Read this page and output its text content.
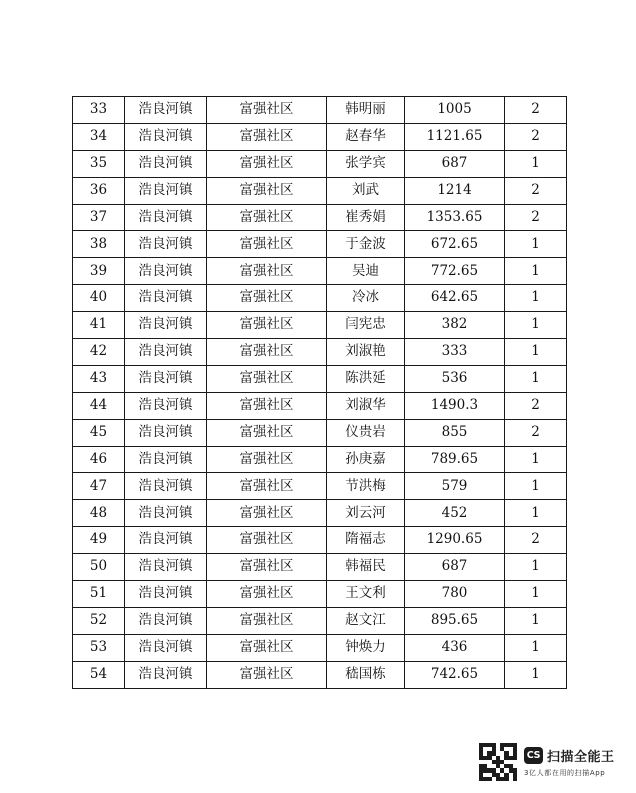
33	浩良河镇	富强社区	韩明丽	1005	2
34	浩良河镇	富强社区	赵春华	1121.65	2
35	浩良河镇	富强社区	张学宾	687	1
36	浩良河镇	富强社区	刘武	1214	2
37	浩良河镇	富强社区	崔秀娟	1353.65	2
38	浩良河镇	富强社区	于金波	672.65	1
39	浩良河镇	富强社区	吴迪	772.65	1
40	浩良河镇	富强社区	冷冰	642.65	1
41	浩良河镇	富强社区	闫宪忠	382	1
42	浩良河镇	富强社区	刘淑艳	333	1
43	浩良河镇	富强社区	陈洪延	536	1
44	浩良河镇	富强社区	刘淑华	1490.3	2
45	浩良河镇	富强社区	仪贵岩	855	2
46	浩良河镇	富强社区	孙庚嘉	789.65	1
47	浩良河镇	富强社区	节洪梅	579	1
48	浩良河镇	富强社区	刘云河	452	1
49	浩良河镇	富强社区	隋福志	1290.65	2
50	浩良河镇	富强社区	韩福民	687	1
51	浩良河镇	富强社区	王文利	780	1
52	浩良河镇	富强社区	赵文江	895.65	1
53	浩良河镇	富强社区	钟焕力	436	1
54	浩良河镇	富强社区	嵇国栋	742.65	1
CS 扫描全能王
3亿人都在用的扫描App
